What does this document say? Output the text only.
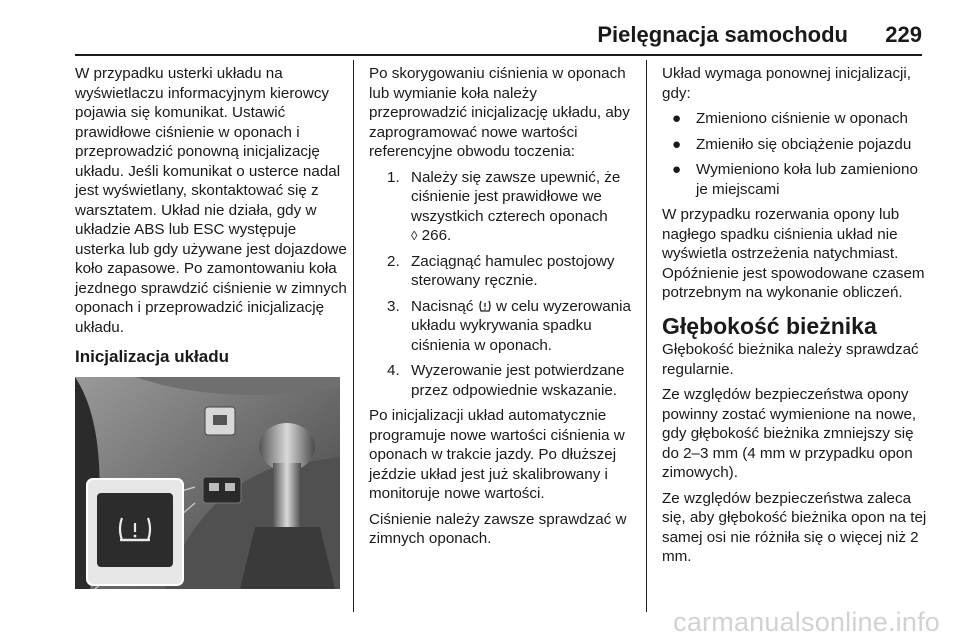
Pielęgnacja samochodu 229

W przypadku usterki układu na wyświetlaczu informacyjnym kierowcy pojawia się komunikat. Ustawić prawidłowe ciśnienie w oponach i przeprowadzić ponowną inicjalizację układu. Jeśli komunikat o usterce nadal jest wyświetlany, skontaktować się z warsztatem. Układ nie działa, gdy w układzie ABS lub ESC występuje usterka lub gdy używane jest dojazdowe koło zapasowe. Po zamontowaniu koła jezdnego sprawdzić ciśnienie w zimnych oponach i przeprowadzić inicjalizację układu.

Inicjalizacja układu

Po skorygowaniu ciśnienia w oponach lub wymianie koła należy przeprowadzić inicjalizację układu, aby zaprogramować nowe wartości referencyjne obwodu toczenia:

1. Należy się zawsze upewnić, że ciśnienie jest prawidłowe we wszystkich czterech oponach
◊ 266.
2. Zaciągnąć hamulec postojowy sterowany ręcznie.
3. Nacisnąć w celu wyzerowania układu wykrywania spadku ciśnienia w oponach.
4. Wyzerowanie jest potwierdzane przez odpowiednie wskazanie.

Po inicjalizacji układ automatycznie programuje nowe wartości ciśnienia w oponach w trakcie jazdy. Po dłuższej jeździe układ jest już skalibrowany i monitoruje nowe wartości.

Ciśnienie należy zawsze sprawdzać w zimnych oponach.

Układ wymaga ponownej inicjalizacji, gdy:

● Zmieniono ciśnienie w oponach
● Zmieniło się obciążenie pojazdu
● Wymieniono koła lub zamieniono je miejscami

W przypadku rozerwania opony lub nagłego spadku ciśnienia układ nie wyświetla ostrzeżenia natychmiast. Opóźnienie jest spowodowane czasem potrzebnym na wykonanie obliczeń.

Głębokość bieżnika

Głębokość bieżnika należy sprawdzać regularnie.

Ze względów bezpieczeństwa opony powinny zostać wymienione na nowe, gdy głębokość bieżnika zmniejszy się do 2–3 mm (4 mm w przypadku opon zimowych).

Ze względów bezpieczeństwa zaleca się, aby głębokość bieżnika opon na tej samej osi nie różniła się o więcej niż 2 mm.

carmanualsonline.info
